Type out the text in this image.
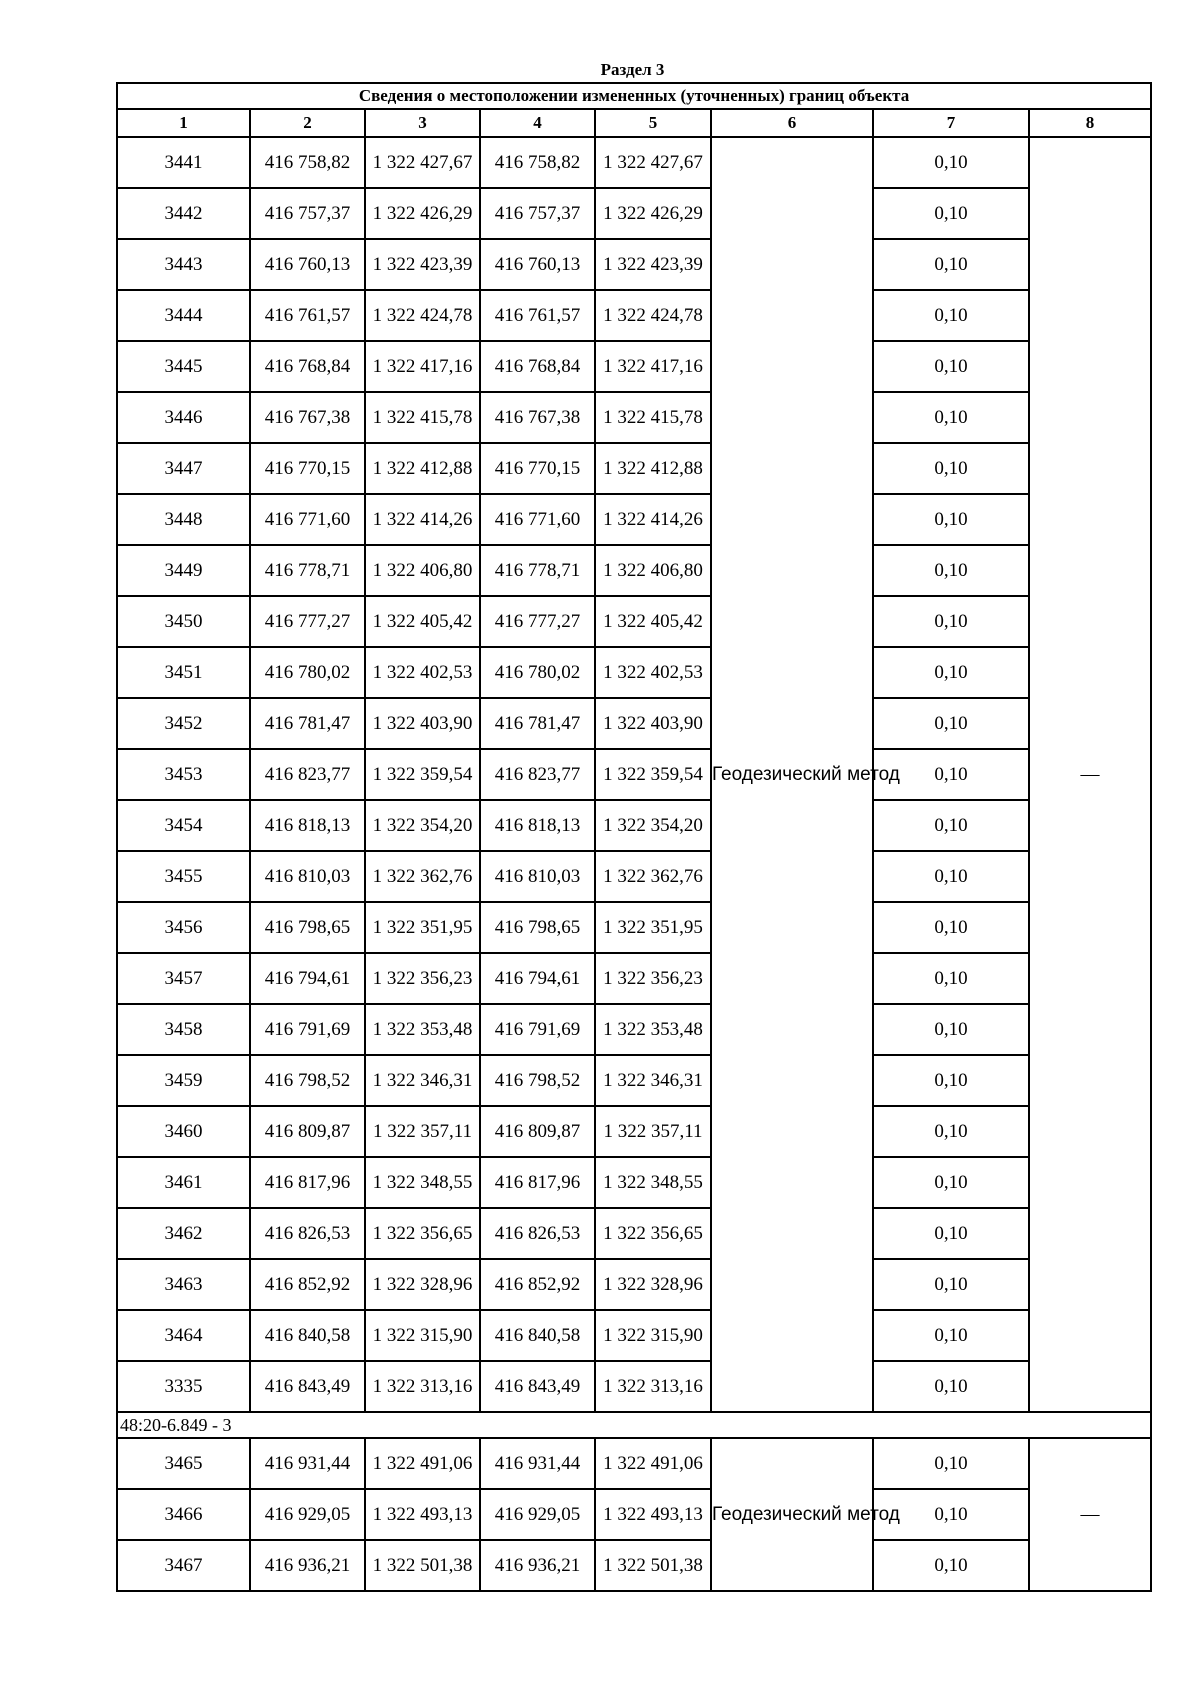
Раздел 3
Сведения о местоположении измененных (уточненных) границ объекта							
1	2	3	4	5	6	7	8
3441	416 758,82	1 322 427,67	416 758,82	1 322 427,67	Геодезический метод	0,10	—
3442	416 757,37	1 322 426,29	416 757,37	1 322 426,29		0,10	
3443	416 760,13	1 322 423,39	416 760,13	1 322 423,39		0,10	
3444	416 761,57	1 322 424,78	416 761,57	1 322 424,78		0,10	
3445	416 768,84	1 322 417,16	416 768,84	1 322 417,16		0,10	
3446	416 767,38	1 322 415,78	416 767,38	1 322 415,78		0,10	
3447	416 770,15	1 322 412,88	416 770,15	1 322 412,88		0,10	
3448	416 771,60	1 322 414,26	416 771,60	1 322 414,26		0,10	
3449	416 778,71	1 322 406,80	416 778,71	1 322 406,80		0,10	
3450	416 777,27	1 322 405,42	416 777,27	1 322 405,42		0,10	
3451	416 780,02	1 322 402,53	416 780,02	1 322 402,53		0,10	
3452	416 781,47	1 322 403,90	416 781,47	1 322 403,90		0,10	
3453	416 823,77	1 322 359,54	416 823,77	1 322 359,54		0,10	
3454	416 818,13	1 322 354,20	416 818,13	1 322 354,20		0,10	
3455	416 810,03	1 322 362,76	416 810,03	1 322 362,76		0,10	
3456	416 798,65	1 322 351,95	416 798,65	1 322 351,95		0,10	
3457	416 794,61	1 322 356,23	416 794,61	1 322 356,23		0,10	
3458	416 791,69	1 322 353,48	416 791,69	1 322 353,48		0,10	
3459	416 798,52	1 322 346,31	416 798,52	1 322 346,31		0,10	
3460	416 809,87	1 322 357,11	416 809,87	1 322 357,11		0,10	
3461	416 817,96	1 322 348,55	416 817,96	1 322 348,55		0,10	
3462	416 826,53	1 322 356,65	416 826,53	1 322 356,65		0,10	
3463	416 852,92	1 322 328,96	416 852,92	1 322 328,96		0,10	
3464	416 840,58	1 322 315,90	416 840,58	1 322 315,90		0,10	
3335	416 843,49	1 322 313,16	416 843,49	1 322 313,16		0,10	
48:20-6.849 - 3							
3465	416 931,44	1 322 491,06	416 931,44	1 322 491,06	Геодезический метод	0,10	—
3466	416 929,05	1 322 493,13	416 929,05	1 322 493,13		0,10	
3467	416 936,21	1 322 501,38	416 936,21	1 322 501,38		0,10	
